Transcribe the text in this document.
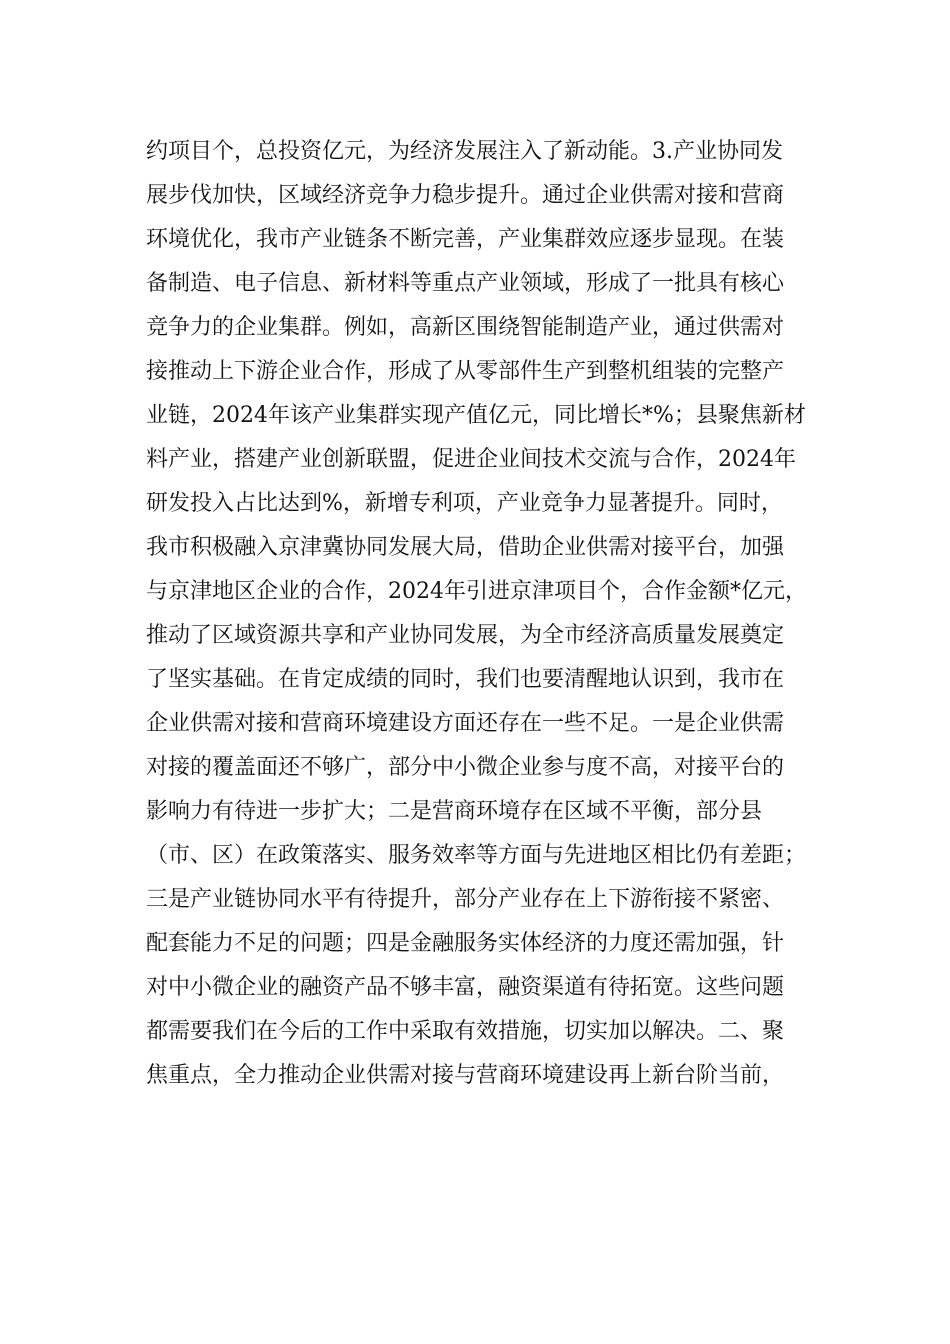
约项目个，总投资亿元，为经济发展注入了新动能。3.产业协同发
展步伐加快，区域经济竞争力稳步提升。通过企业供需对接和营商
环境优化，我市产业链条不断完善，产业集群效应逐步显现。在装
备制造、电子信息、新材料等重点产业领域，形成了一批具有核心
竞争力的企业集群。例如，高新区围绕智能制造产业，通过供需对
接推动上下游企业合作，形成了从零部件生产到整机组装的完整产
业链，2024年该产业集群实现产值亿元，同比增长*%；县聚焦新材
料产业，搭建产业创新联盟，促进企业间技术交流与合作，2024年
研发投入占比达到%，新增专利项，产业竞争力显著提升。同时，
我市积极融入京津冀协同发展大局，借助企业供需对接平台，加强
与京津地区企业的合作，2024年引进京津项目个，合作金额*亿元，
推动了区域资源共享和产业协同发展，为全市经济高质量发展奠定
了坚实基础。在肯定成绩的同时，我们也要清醒地认识到，我市在
企业供需对接和营商环境建设方面还存在一些不足。一是企业供需
对接的覆盖面还不够广，部分中小微企业参与度不高，对接平台的
影响力有待进一步扩大；二是营商环境存在区域不平衡，部分县
（市、区）在政策落实、服务效率等方面与先进地区相比仍有差距；
三是产业链协同水平有待提升，部分产业存在上下游衔接不紧密、
配套能力不足的问题；四是金融服务实体经济的力度还需加强，针
对中小微企业的融资产品不够丰富，融资渠道有待拓宽。这些问题
都需要我们在今后的工作中采取有效措施，切实加以解决。二、聚
焦重点，全力推动企业供需对接与营商环境建设再上新台阶当前，
